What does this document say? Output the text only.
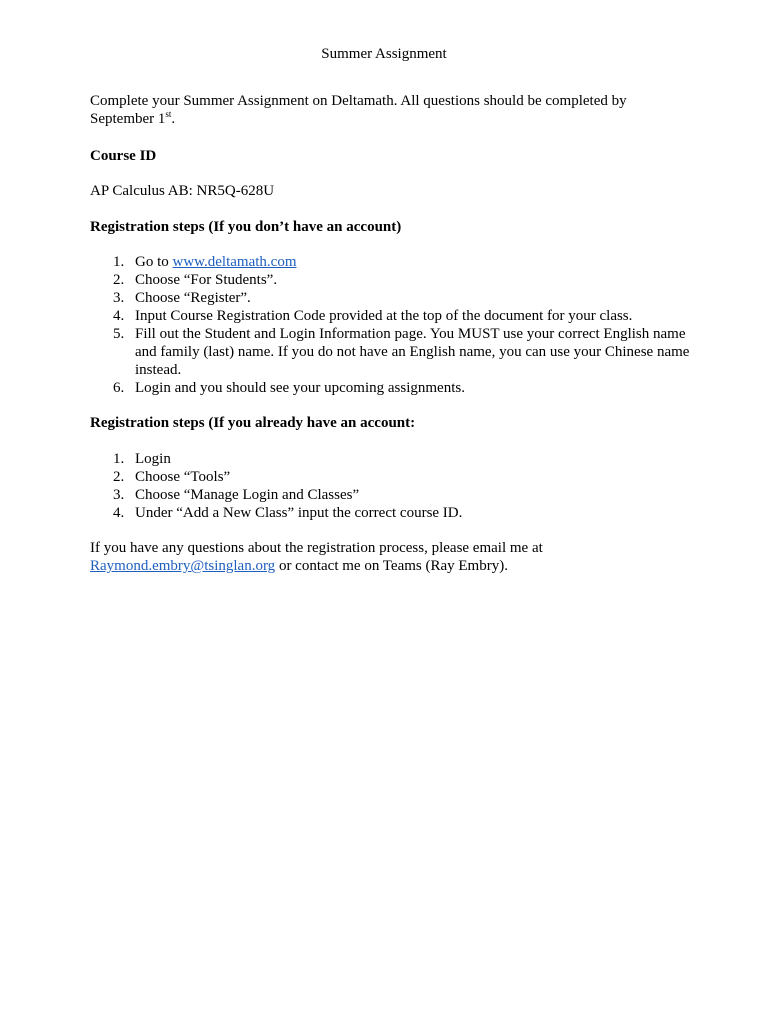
Summer Assignment
Complete your Summer Assignment on Deltamath. All questions should be completed by September 1st.
Course ID
AP Calculus AB: NR5Q-628U
Registration steps (If you don’t have an account)
1. Go to www.deltamath.com
2. Choose “For Students”.
3. Choose “Register”.
4. Input Course Registration Code provided at the top of the document for your class.
5. Fill out the Student and Login Information page. You MUST use your correct English name and family (last) name. If you do not have an English name, you can use your Chinese name instead.
6. Login and you should see your upcoming assignments.
Registration steps (If you already have an account:
1. Login
2. Choose “Tools”
3. Choose “Manage Login and Classes”
4. Under “Add a New Class” input the correct course ID.
If you have any questions about the registration process, please email me at
Raymond.embry@tsinglan.org or contact me on Teams (Ray Embry).
